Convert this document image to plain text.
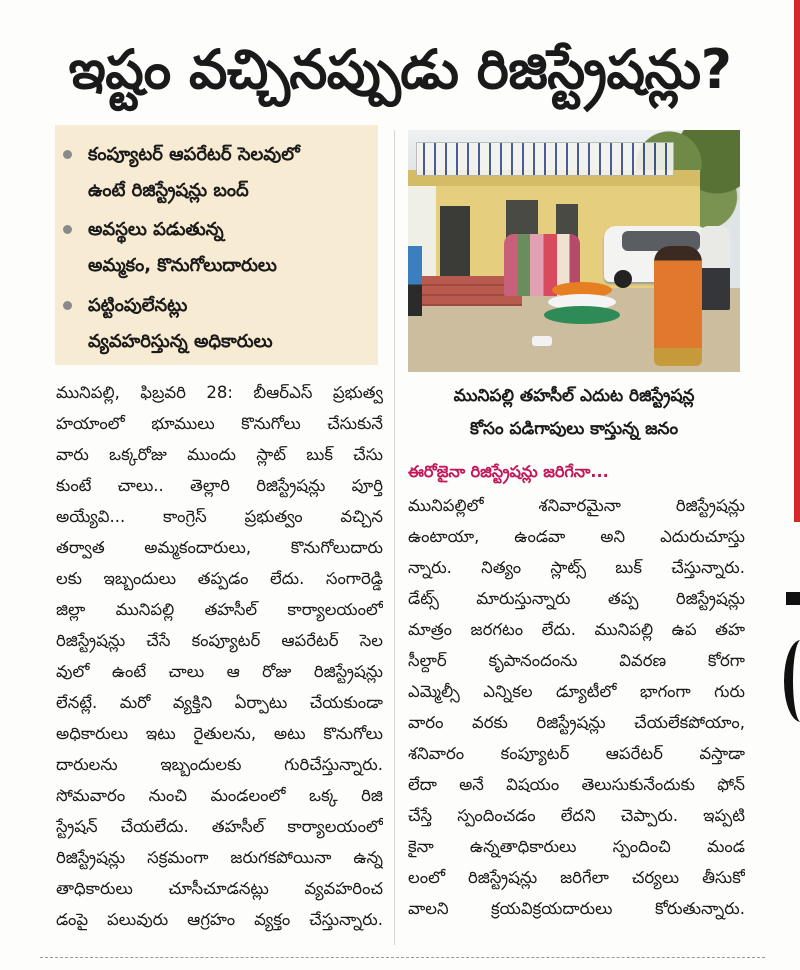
ఇష్టం వచ్చినప్పుడు రిజిస్ట్రేషన్లు?
కంప్యూటర్ ఆపరేటర్ సెలవులో
ఉంటే రిజిస్ట్రేషన్లు బంద్
అవస్థలు పడుతున్న
అమ్మకం, కొనుగోలుదారులు
పట్టింపులేనట్లు
వ్యవహరిస్తున్న అధికారులు
మునిపల్లి తహసీల్ ఎదుట రిజిస్ట్రేషన్ల
కోసం పడిగాపులు కాస్తున్న జనం
ఈరోజైనా రిజిస్ట్రేషన్లు జరిగేనా...
మునిపల్లి, ఫిబ్రవరి 28: బీఆర్ఎస్ ప్రభుత్వ
హయాంలో భూములు కొనుగోలు చేసుకునే
వారు ఒక్కరోజు ముందు స్లాట్ బుక్ చేసు
కుంటే చాలు.. తెల్లారి రిజిస్ట్రేషన్లు పూర్తి
అయ్యేవి... కాంగ్రెస్ ప్రభుత్వం వచ్చిన
తర్వాత అమ్మకందారులు, కొనుగోలుదారు
లకు ఇబ్బందులు తప్పడం లేదు. సంగారెడ్డి
జిల్లా మునిపల్లి తహసీల్ కార్యాలయంలో
రిజిస్ట్రేషన్లు చేసే కంప్యూటర్ ఆపరేటర్ సెల
వులో ఉంటే చాలు ఆ రోజు రిజిస్ట్రేషన్లు
లేనట్లే. మరో వ్యక్తిని ఏర్పాటు చేయకుండా
అధికారులు ఇటు రైతులను, అటు కొనుగోలు
దారులను ఇబ్బందులకు గురిచేస్తున్నారు.
సోమవారం నుంచి మండలంలో ఒక్క రిజి
స్ట్రేషన్ చేయలేదు. తహసీల్ కార్యాలయంలో
రిజిస్ట్రేషన్లు సక్రమంగా జరుగకపోయినా ఉన్న
తాధికారులు చూసీచూడనట్లు వ్యవహరించ
డంపై పలువురు ఆగ్రహం వ్యక్తం చేస్తున్నారు.
మునిపల్లిలో శనివారమైనా రిజిస్ట్రేషన్లు
ఉంటాయా, ఉండవా అని ఎదురుచూస్తు
న్నారు. నిత్యం స్లాట్స్ బుక్ చేస్తున్నారు.
డేట్స్ మారుస్తున్నారు తప్ప రిజిస్ట్రేషన్లు
మాత్రం జరగటం లేదు. మునిపల్లి ఉప తహ
సీల్దార్ కృపానందంను వివరణ కోరగా
ఎమ్మెల్సీ ఎన్నికల డ్యూటీలో భాగంగా గురు
వారం వరకు రిజిస్ట్రేషన్లు చేయలేకపోయాం,
శనివారం కంప్యూటర్ ఆపరేటర్ వస్తాడా
లేదా అనే విషయం తెలుసుకునేందుకు ఫోన్
చేస్తే స్పందించడం లేదని చెప్పారు. ఇప్పటి
కైనా ఉన్నతాధికారులు స్పందించి మండ
లంలో రిజిస్ట్రేషన్లు జరిగేలా చర్యలు తీసుకో
వాలని క్రయవిక్రయదారులు కోరుతున్నారు.
